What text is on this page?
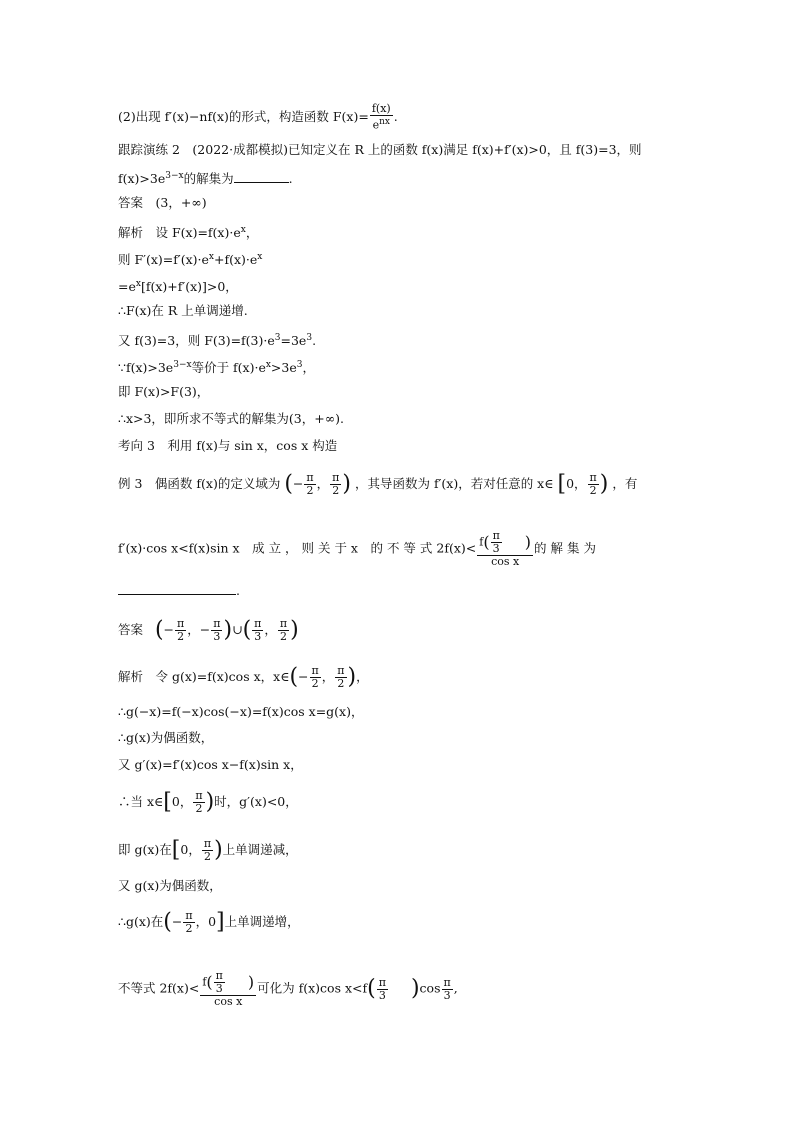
(2)出现 f′(x)−nf(x)的形式，构造函数 F(x)=
f(x)
$e^{nx}$ .
跟踪演练 2　(2022·成都模拟)已知定义在 R 上的函数 f(x)满足 f(x)+f′(x)>0，且 f(3)=3，则
$f(x)>3e^{3-x}$的解集为	.
答案　(3，+∞)
解析　设 $F(x)=f(x)\cdot e^x$，
则 $F'(x)=f'(x)\cdot e^x+f(x)\cdot e^x$
$=e^x[f(x)+f'(x)]>0$，
∴F(x)在 R 上单调递增.
又 f(3)=3，则 $F(3)=f(3)\cdot e^3=3e^3$.
$\because f(x)>3e^{3-x}$等价于 $f(x)\cdot e^x>3e^3$，
即 F(x)>F(3)，
∴x>3，即所求不等式的解集为(3，+∞).
考向 3　利用 f(x)与 sin x，cos x 构造
例 3　偶函数 f(x)的定义域为 (− $\frac{\pi}{2}$ ， $\frac{\pi}{2}$ ) ，其导函数为 f′(x)，若对任意的 x∈ [0， $\frac{\pi}{2}$ ) ，有
f′(x)·cos x<f(x)sin x　成 立 ， 则 关 于 x　的 不 等 式 $2f(x)< \frac{f( \frac{\pi}{3} )}{\text{cos x}}$ 的 解 集 为
.
答案 (− $\frac{\pi}{2}$ ，− $\frac{\pi}{3}$ )∪( $\frac{\pi}{3}$ ， $\frac{\pi}{2}$ )
解析　令 g(x)=f(x)cos x，x∈(− $\frac{\pi}{2}$ ， $\frac{\pi}{2}$ )，
∴g(−x)=f(−x)cos(−x)=f(x)cos x=g(x)，
∴g(x)为偶函数，
又 g′(x)=f′(x)cos x−f(x)sin x，
∴当 x∈[0， $\frac{\pi}{2}$ )时，g′(x)<0，
即 g(x)在[0， $\frac{\pi}{2}$ )上单调递减，
又 g(x)为偶函数，
∴g(x)在(− $\frac{\pi}{2}$ ，0]上单调递增，
不等式 $2f(x)< \frac{f( \frac{\pi}{3} )}{\text{cos x}}$ 可化为 f(x)cos $x<f( \frac{\pi}{3} )\cos \frac{\pi}{3}$ ,
